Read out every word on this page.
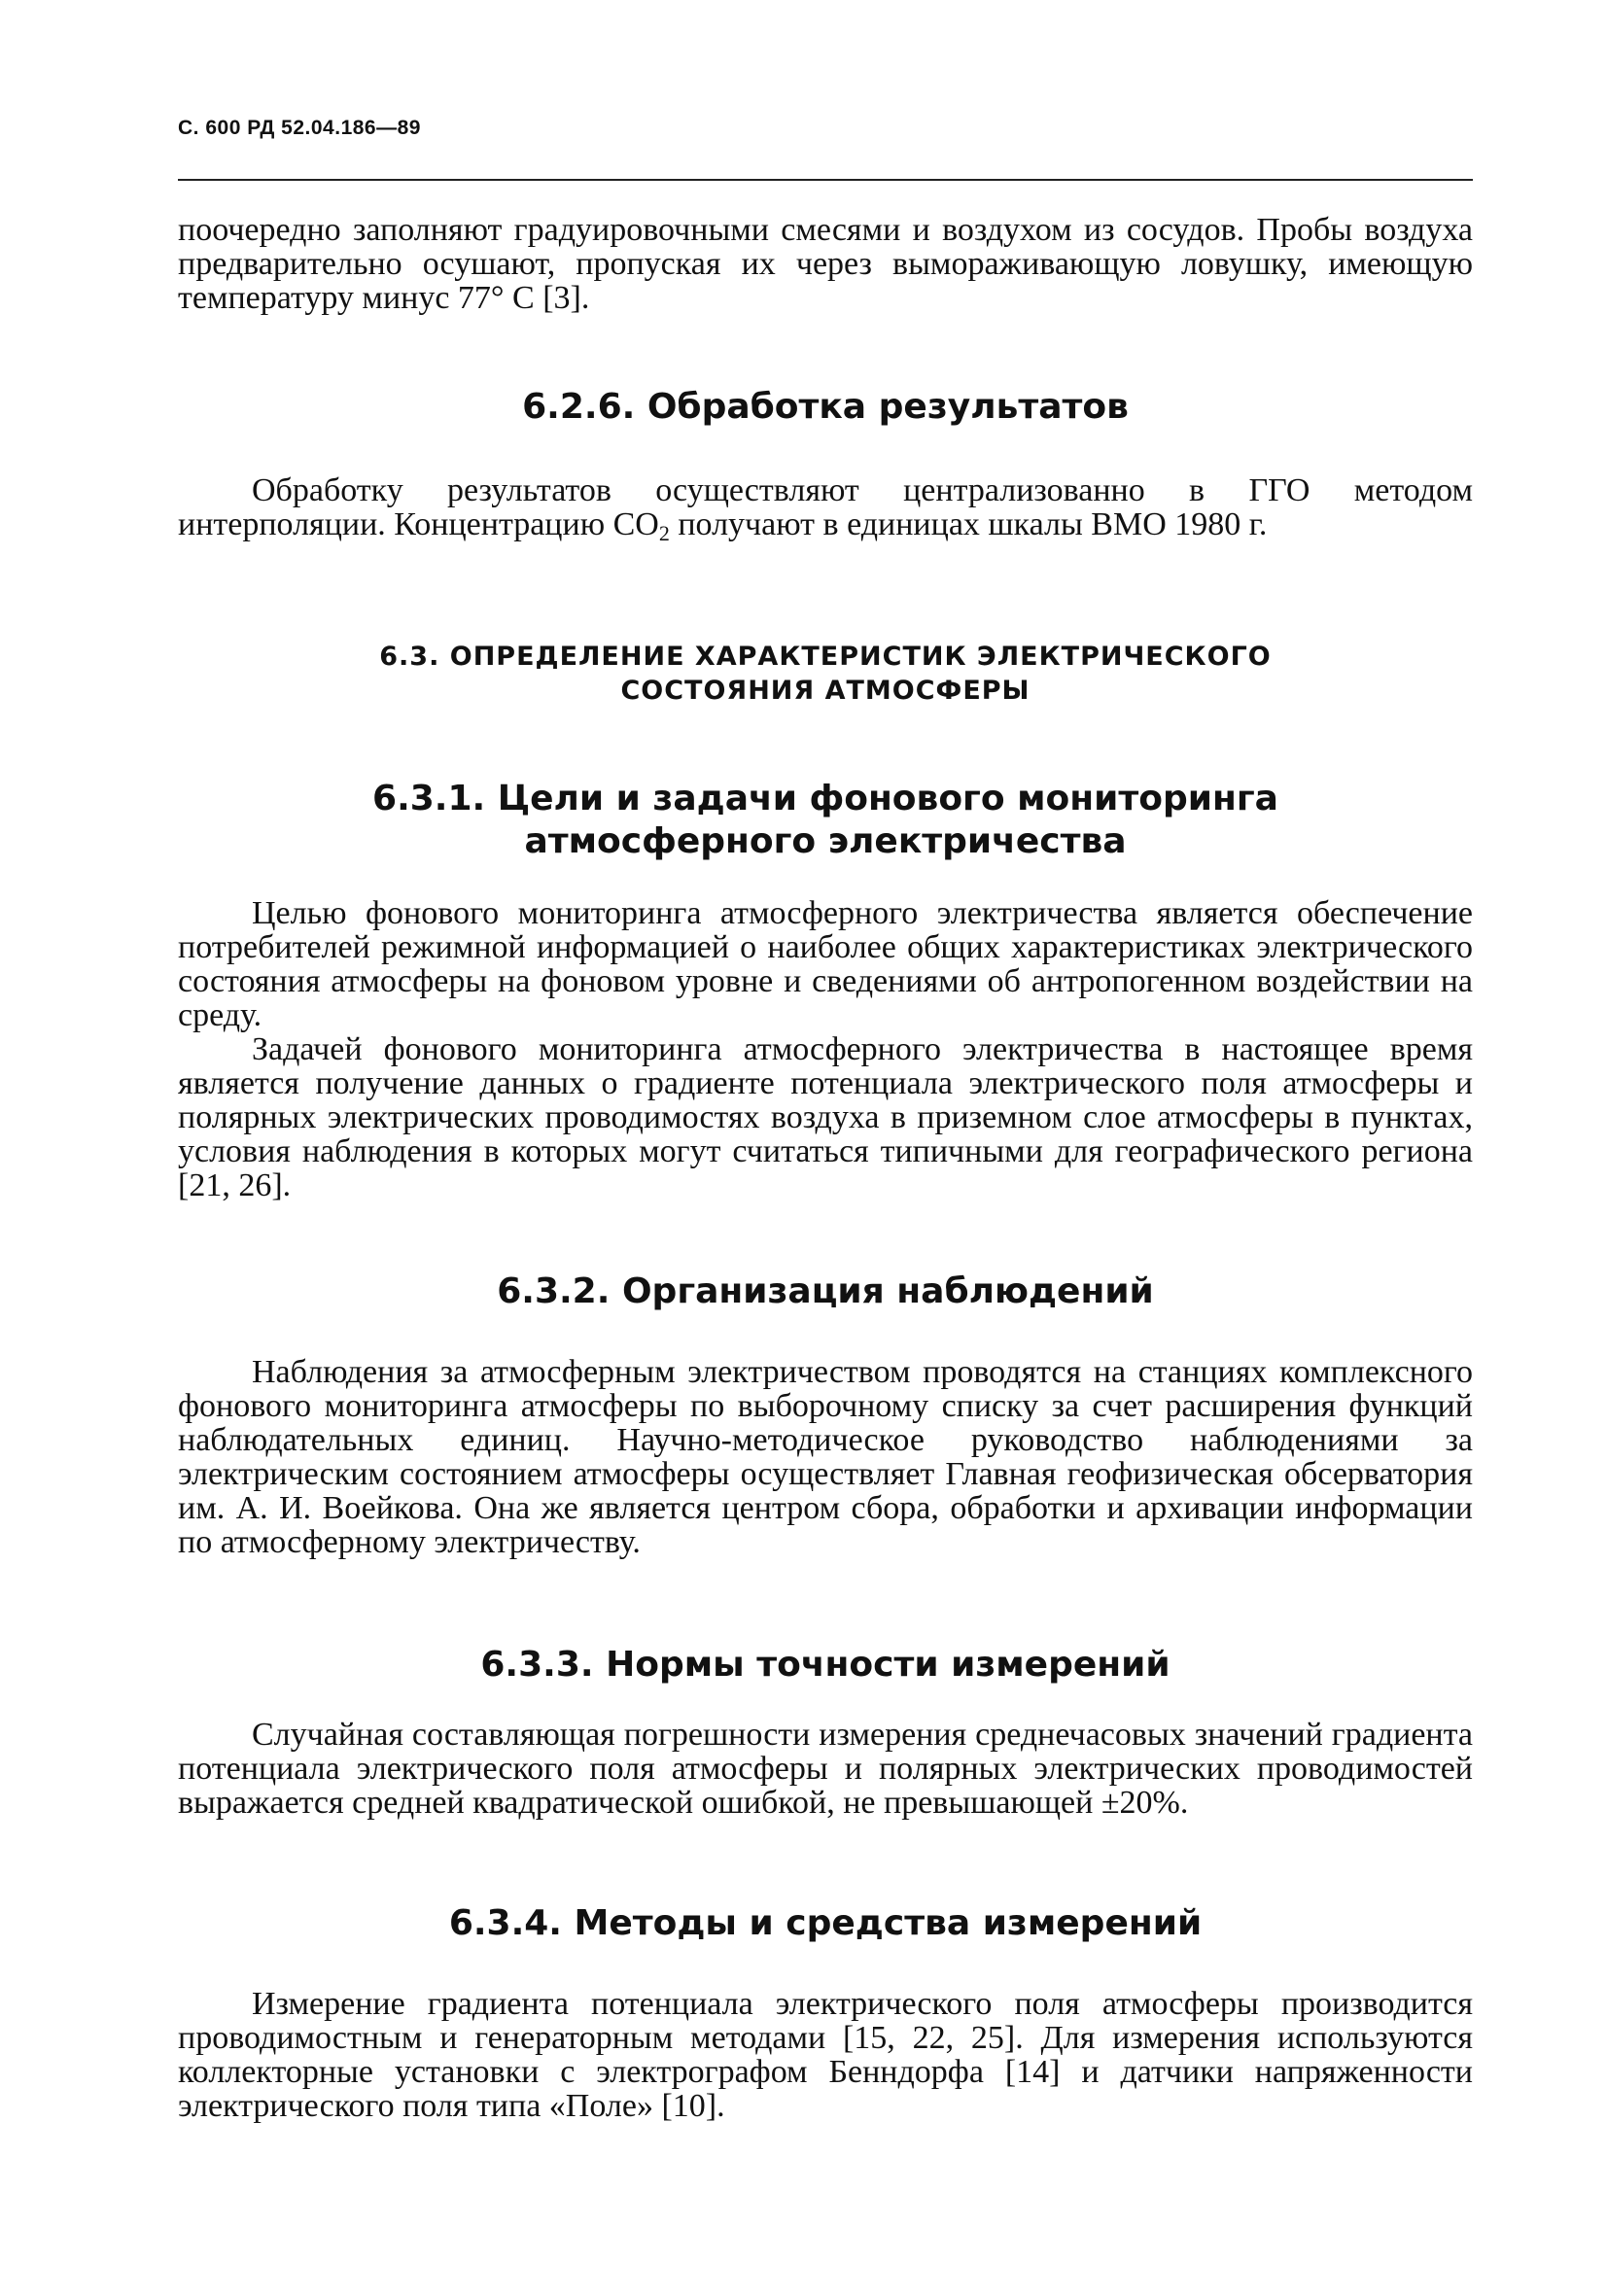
С. 600 РД 52.04.186—89

поочередно заполняют градуировочными смесями и воздухом из сосудов. Пробы воздуха предварительно осушают, пропуская их через вымораживающую ловушку, имеющую температуру минус 77° С [3].

6.2.6. Обработка результатов

Обработку результатов осуществляют централизованно в ГГО методом интерполяции. Концентрацию $CO_2$ получают в единицах шкалы ВМО 1980 г.

6.3. ОПРЕДЕЛЕНИЕ ХАРАКТЕРИСТИК ЭЛЕКТРИЧЕСКОГО
СОСТОЯНИЯ АТМОСФЕРЫ
6.3.1. Цели и задачи фонового мониторинга
атмосферного электричества

Целью фонового мониторинга атмосферного электричества является обеспечение потребителей режимной информацией о наиболее общих характеристиках электрического состояния атмосферы на фоновом уровне и сведениями об антропогенном воздействии на среду.

Задачей фонового мониторинга атмосферного электричества в настоящее время является получение данных о градиенте потенциала электрического поля атмосферы и полярных электрических проводимостях воздуха в приземном слое атмосферы в пунктах, условия наблюдения в которых могут считаться типичными для географического региона [21, 26].

6.3.2. Организация наблюдений

Наблюдения за атмосферным электричеством проводятся на станциях комплексного фонового мониторинга атмосферы по выборочному списку за счет расширения функций наблюдательных единиц. Научно-методическое руководство наблюдениями за электрическим состоянием атмосферы осуществляет Главная геофизическая обсерватория им. А. И. Воейкова. Она же является центром сбора, обработки и архивации информации по атмосферному электричеству.

6.3.3. Нормы точности измерений

Случайная составляющая погрешности измерения среднечасовых значений градиента потенциала электрического поля атмосферы и полярных электрических проводимостей выражается средней квадратической ошибкой, не превышающей ±20%.

6.3.4. Методы и средства измерений

Измерение градиента потенциала электрического поля атмосферы производится проводимостным и генераторным методами [15, 22, 25]. Для измерения используются коллекторные установки с электрографом Бенндорфа [14] и датчики напряженности электрического поля типа «Поле» [10].
